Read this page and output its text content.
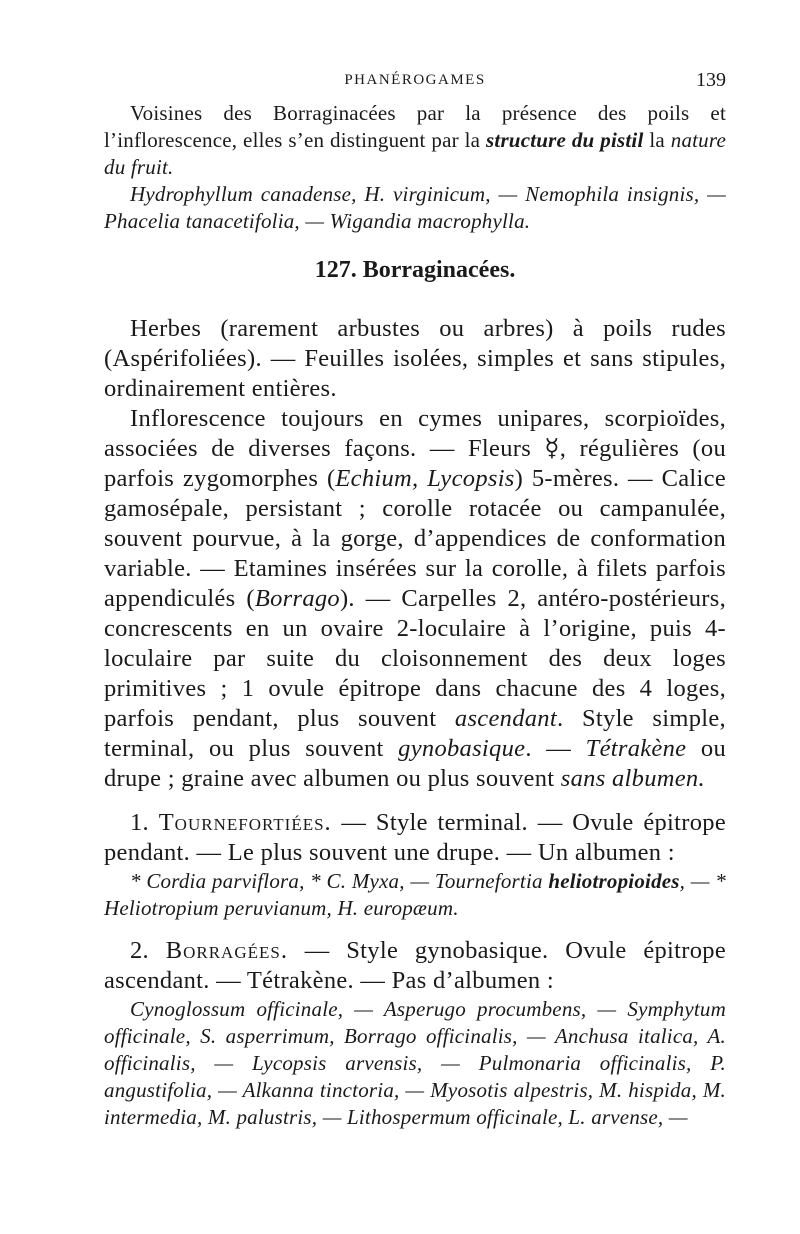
PHANÉROGAMES	139

Voisines des Borraginacées par la présence des poils et l’inflorescence, elles s’en distinguent par la structure du pistil la nature du fruit.

Hydrophyllum canadense, H. virginicum, — Nemophila insignis, — Phacelia tanacetifolia, — Wigandia macrophylla.

127. Borraginacées.

Herbes (rarement arbustes ou arbres) à poils rudes (Aspérifoliées). — Feuilles isolées, simples et sans stipules, ordinairement entières.

Inflorescence toujours en cymes unipares, scorpioïdes, associées de diverses façons. — Fleurs ☿, régulières (ou parfois zygomorphes (Echium, Lycopsis) 5-mères. — Calice gamosépale, persistant ; corolle rotacée ou campanulée, souvent pourvue, à la gorge, d’appendices de conformation variable. — Etamines insérées sur la corolle, à filets parfois appendiculés (Borrago). — Carpelles 2, antéro-postérieurs, concrescents en un ovaire 2-loculaire à l’origine, puis 4-loculaire par suite du cloisonnement des deux loges primitives ; 1 ovule épitrope dans chacune des 4 loges, parfois pendant, plus souvent ascendant. Style simple, terminal, ou plus souvent gynobasique. — Tétrakène ou drupe ; graine avec albumen ou plus souvent sans albumen.

1. Tournefortiées. — Style terminal. — Ovule épitrope pendant. — Le plus souvent une drupe. — Un albumen :

* Cordia parviflora, * C. Myxa, — Tournefortia heliotropioides, — * Heliotropium peruvianum, H. europæum.

2. Borragées. — Style gynobasique. Ovule épitrope ascendant. — Tétrakène. — Pas d’albumen :

Cynoglossum officinale, — Asperugo procumbens, — Symphytum officinale, S. asperrimum, Borrago officinalis, — Anchusa italica, A. officinalis, — Lycopsis arvensis, — Pulmonaria officinalis, P. angustifolia, — Alkanna tinctoria, — Myosotis alpestris, M. hispida, M. intermedia, M. palustris, — Lithospermum officinale, L. arvense, —
